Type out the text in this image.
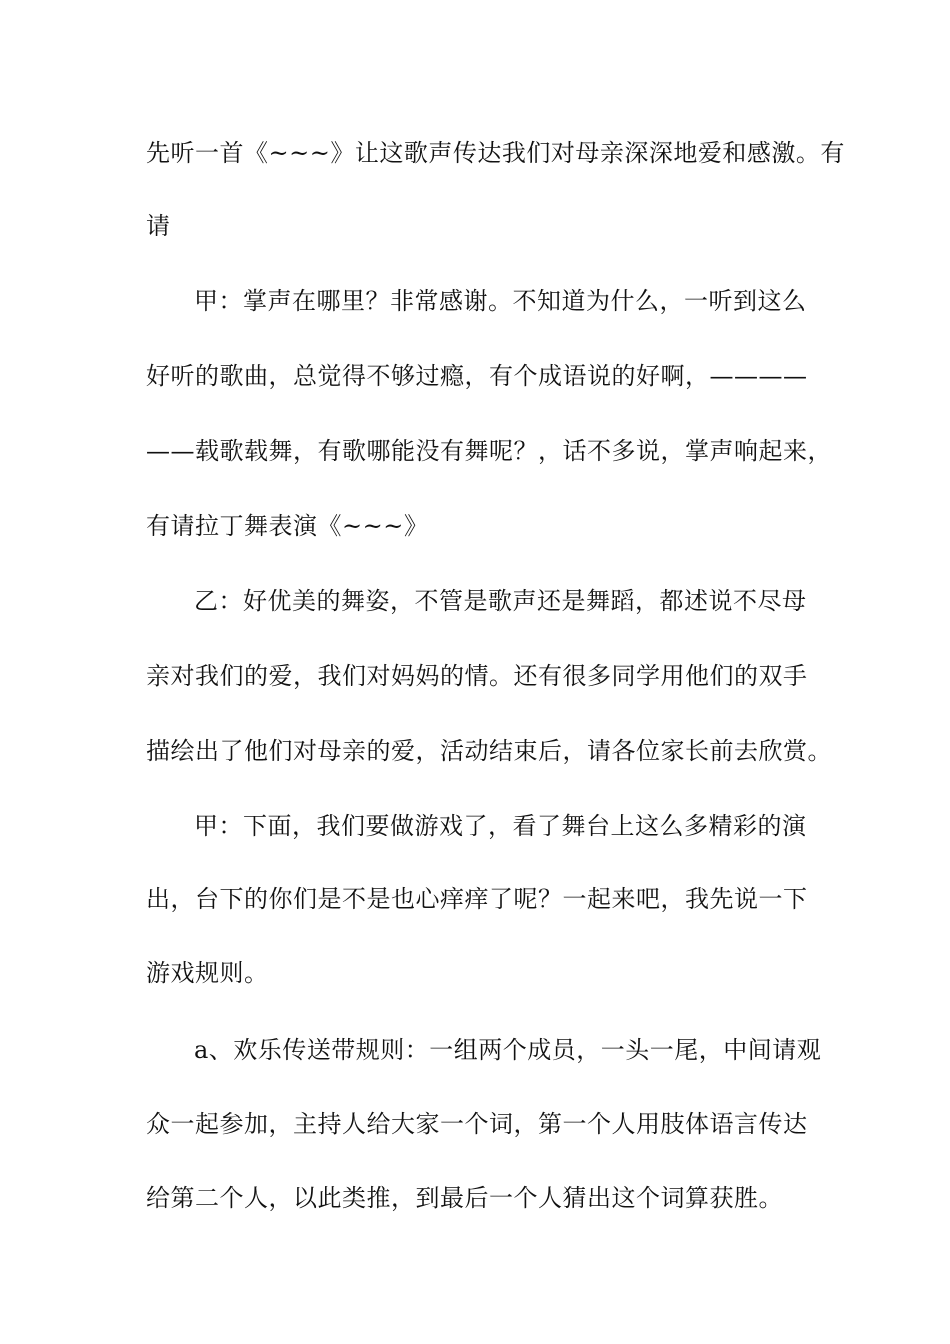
先听一首《~~~》让这歌声传达我们对母亲深深地爱和感激。有
请
甲：掌声在哪里？非常感谢。不知道为什么，一听到这么
好听的歌曲，总觉得不够过瘾，有个成语说的好啊，————
——载歌载舞，有歌哪能没有舞呢？，话不多说，掌声响起来，
有请拉丁舞表演《~~~》
乙：好优美的舞姿，不管是歌声还是舞蹈，都述说不尽母
亲对我们的爱，我们对妈妈的情。还有很多同学用他们的双手
描绘出了他们对母亲的爱，活动结束后，请各位家长前去欣赏。
甲：下面，我们要做游戏了，看了舞台上这么多精彩的演
出，台下的你们是不是也心痒痒了呢？一起来吧，我先说一下
游戏规则。
a、欢乐传送带规则：一组两个成员，一头一尾，中间请观
众一起参加，主持人给大家一个词，第一个人用肢体语言传达
给第二个人，以此类推，到最后一个人猜出这个词算获胜。
